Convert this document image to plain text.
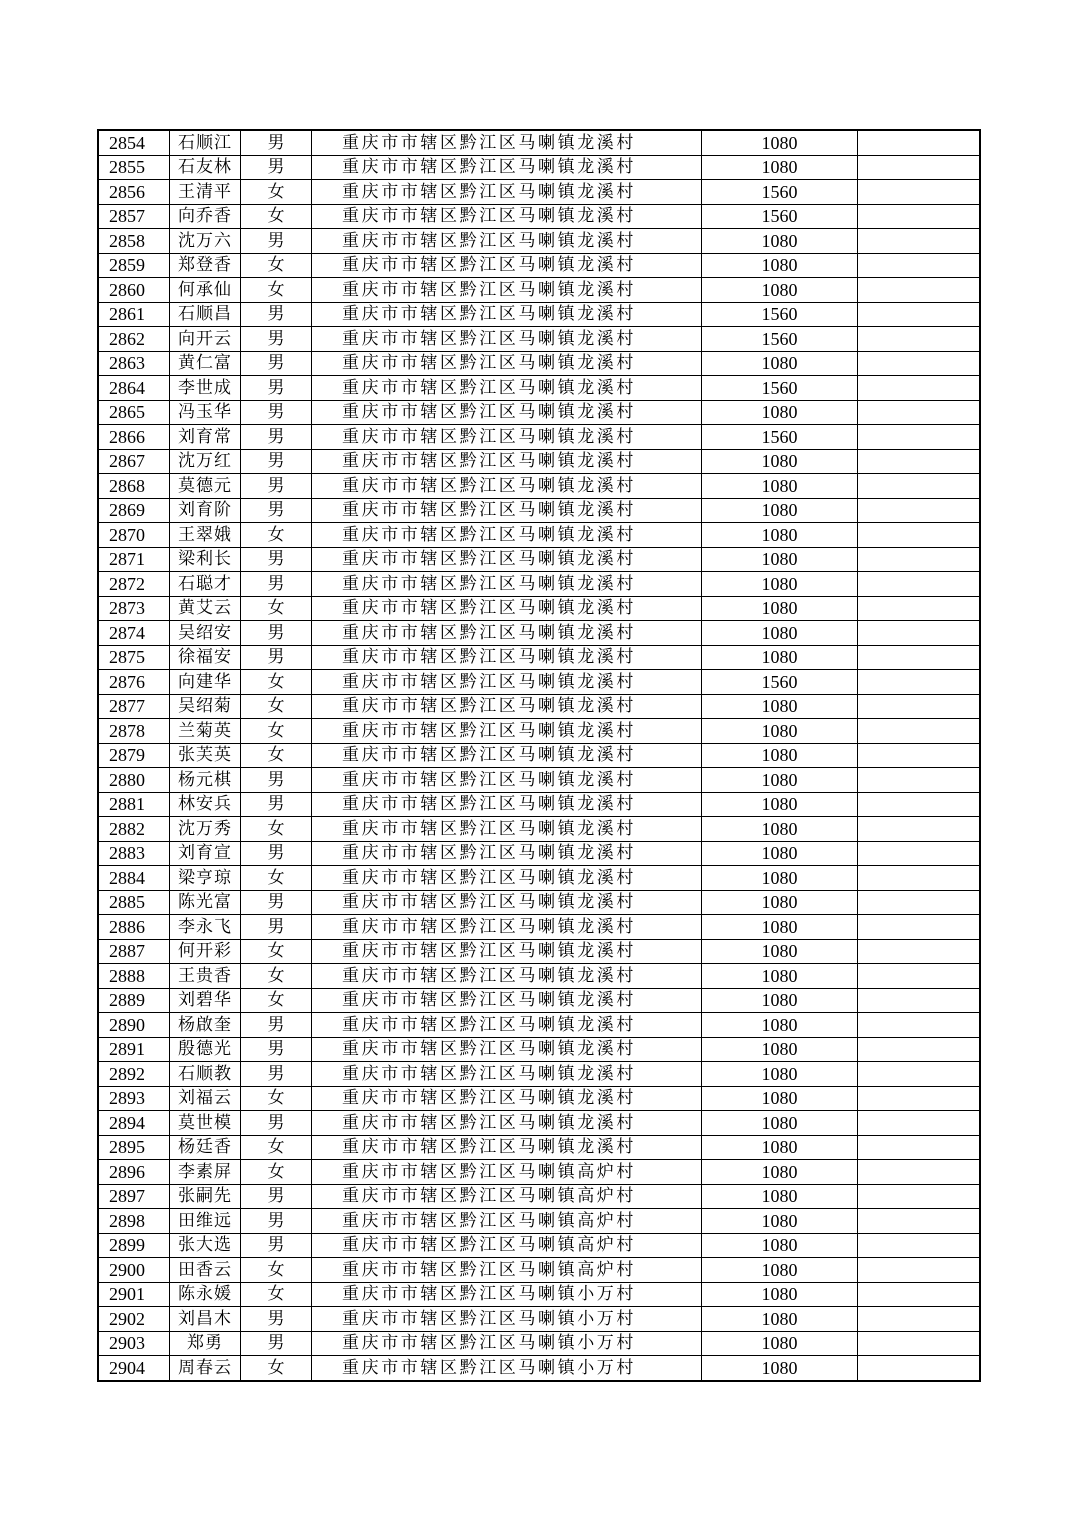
2854	石顺江	男	重庆市市辖区黔江区马喇镇龙溪村	1080	
2855	石友林	男	重庆市市辖区黔江区马喇镇龙溪村	1080	
2856	王清平	女	重庆市市辖区黔江区马喇镇龙溪村	1560	
2857	向乔香	女	重庆市市辖区黔江区马喇镇龙溪村	1560	
2858	沈万六	男	重庆市市辖区黔江区马喇镇龙溪村	1080	
2859	郑登香	女	重庆市市辖区黔江区马喇镇龙溪村	1080	
2860	何承仙	女	重庆市市辖区黔江区马喇镇龙溪村	1080	
2861	石顺昌	男	重庆市市辖区黔江区马喇镇龙溪村	1560	
2862	向开云	男	重庆市市辖区黔江区马喇镇龙溪村	1560	
2863	黄仁富	男	重庆市市辖区黔江区马喇镇龙溪村	1080	
2864	李世成	男	重庆市市辖区黔江区马喇镇龙溪村	1560	
2865	冯玉华	男	重庆市市辖区黔江区马喇镇龙溪村	1080	
2866	刘育常	男	重庆市市辖区黔江区马喇镇龙溪村	1560	
2867	沈万红	男	重庆市市辖区黔江区马喇镇龙溪村	1080	
2868	莫德元	男	重庆市市辖区黔江区马喇镇龙溪村	1080	
2869	刘育阶	男	重庆市市辖区黔江区马喇镇龙溪村	1080	
2870	王翠娥	女	重庆市市辖区黔江区马喇镇龙溪村	1080	
2871	梁利长	男	重庆市市辖区黔江区马喇镇龙溪村	1080	
2872	石聪才	男	重庆市市辖区黔江区马喇镇龙溪村	1080	
2873	黄艾云	女	重庆市市辖区黔江区马喇镇龙溪村	1080	
2874	吴绍安	男	重庆市市辖区黔江区马喇镇龙溪村	1080	
2875	徐福安	男	重庆市市辖区黔江区马喇镇龙溪村	1080	
2876	向建华	女	重庆市市辖区黔江区马喇镇龙溪村	1560	
2877	吴绍菊	女	重庆市市辖区黔江区马喇镇龙溪村	1080	
2878	兰菊英	女	重庆市市辖区黔江区马喇镇龙溪村	1080	
2879	张芙英	女	重庆市市辖区黔江区马喇镇龙溪村	1080	
2880	杨元棋	男	重庆市市辖区黔江区马喇镇龙溪村	1080	
2881	林安兵	男	重庆市市辖区黔江区马喇镇龙溪村	1080	
2882	沈万秀	女	重庆市市辖区黔江区马喇镇龙溪村	1080	
2883	刘育宣	男	重庆市市辖区黔江区马喇镇龙溪村	1080	
2884	梁亨琼	女	重庆市市辖区黔江区马喇镇龙溪村	1080	
2885	陈光富	男	重庆市市辖区黔江区马喇镇龙溪村	1080	
2886	李永飞	男	重庆市市辖区黔江区马喇镇龙溪村	1080	
2887	何开彩	女	重庆市市辖区黔江区马喇镇龙溪村	1080	
2888	王贵香	女	重庆市市辖区黔江区马喇镇龙溪村	1080	
2889	刘碧华	女	重庆市市辖区黔江区马喇镇龙溪村	1080	
2890	杨啟奎	男	重庆市市辖区黔江区马喇镇龙溪村	1080	
2891	殷德光	男	重庆市市辖区黔江区马喇镇龙溪村	1080	
2892	石顺教	男	重庆市市辖区黔江区马喇镇龙溪村	1080	
2893	刘福云	女	重庆市市辖区黔江区马喇镇龙溪村	1080	
2894	莫世模	男	重庆市市辖区黔江区马喇镇龙溪村	1080	
2895	杨廷香	女	重庆市市辖区黔江区马喇镇龙溪村	1080	
2896	李素屏	女	重庆市市辖区黔江区马喇镇高炉村	1080	
2897	张嗣先	男	重庆市市辖区黔江区马喇镇高炉村	1080	
2898	田维远	男	重庆市市辖区黔江区马喇镇高炉村	1080	
2899	张大选	男	重庆市市辖区黔江区马喇镇高炉村	1080	
2900	田香云	女	重庆市市辖区黔江区马喇镇高炉村	1080	
2901	陈永媛	女	重庆市市辖区黔江区马喇镇小万村	1080	
2902	刘昌木	男	重庆市市辖区黔江区马喇镇小万村	1080	
2903	郑勇	男	重庆市市辖区黔江区马喇镇小万村	1080	
2904	周春云	女	重庆市市辖区黔江区马喇镇小万村	1080	
